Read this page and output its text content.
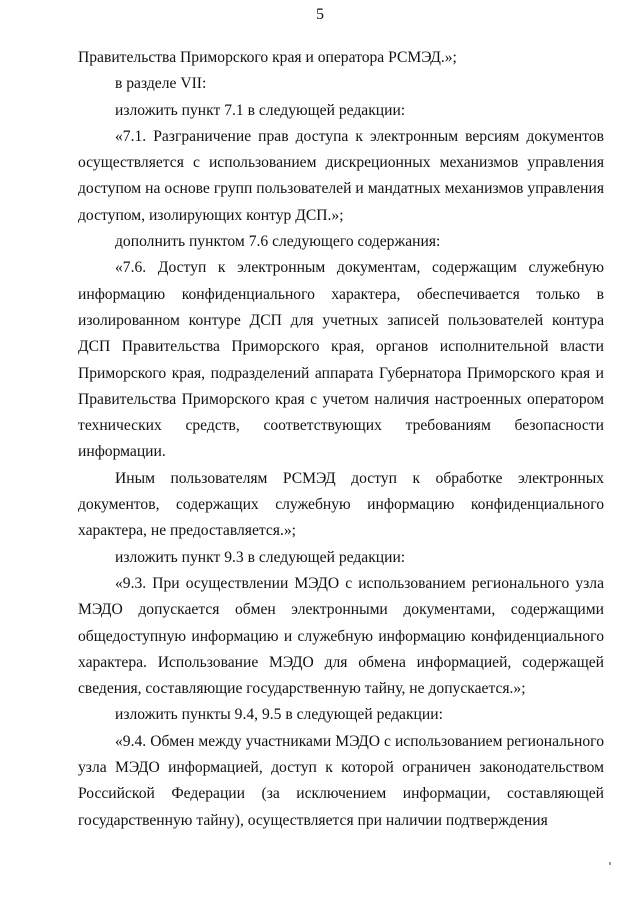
5

Правительства Приморского края и оператора РСМЭД.»;

в разделе VII:

изложить пункт 7.1 в следующей редакции:

«7.1. Разграничение прав доступа к электронным версиям документов осуществляется с использованием дискреционных механизмов управления доступом на основе групп пользователей и мандатных механизмов управления доступом, изолирующих контур ДСП.»;

дополнить пунктом 7.6 следующего содержания:

«7.6. Доступ к электронным документам, содержащим служебную информацию конфиденциального характера, обеспечивается только в изолированном контуре ДСП для учетных записей пользователей контура ДСП Правительства Приморского края, органов исполнительной власти Приморского края, подразделений аппарата Губернатора Приморского края и Правительства Приморского края с учетом наличия настроенных оператором технических средств, соответствующих требованиям безопасности информации.

Иным пользователям РСМЭД доступ к обработке электронных документов, содержащих служебную информацию конфиденциального характера, не предоставляется.»;

изложить пункт 9.3 в следующей редакции:

«9.3. При осуществлении МЭДО с использованием регионального узла МЭДО допускается обмен электронными документами, содержащими общедоступную информацию и служебную информацию конфиденциального характера. Использование МЭДО для обмена информацией, содержащей сведения, составляющие государственную тайну, не допускается.»;

изложить пункты 9.4, 9.5 в следующей редакции:

«9.4. Обмен между участниками МЭДО с использованием регионального узла МЭДО информацией, доступ к которой ограничен законодательством Российской Федерации (за исключением информации, составляющей государственную тайну), осуществляется при наличии подтверждения
